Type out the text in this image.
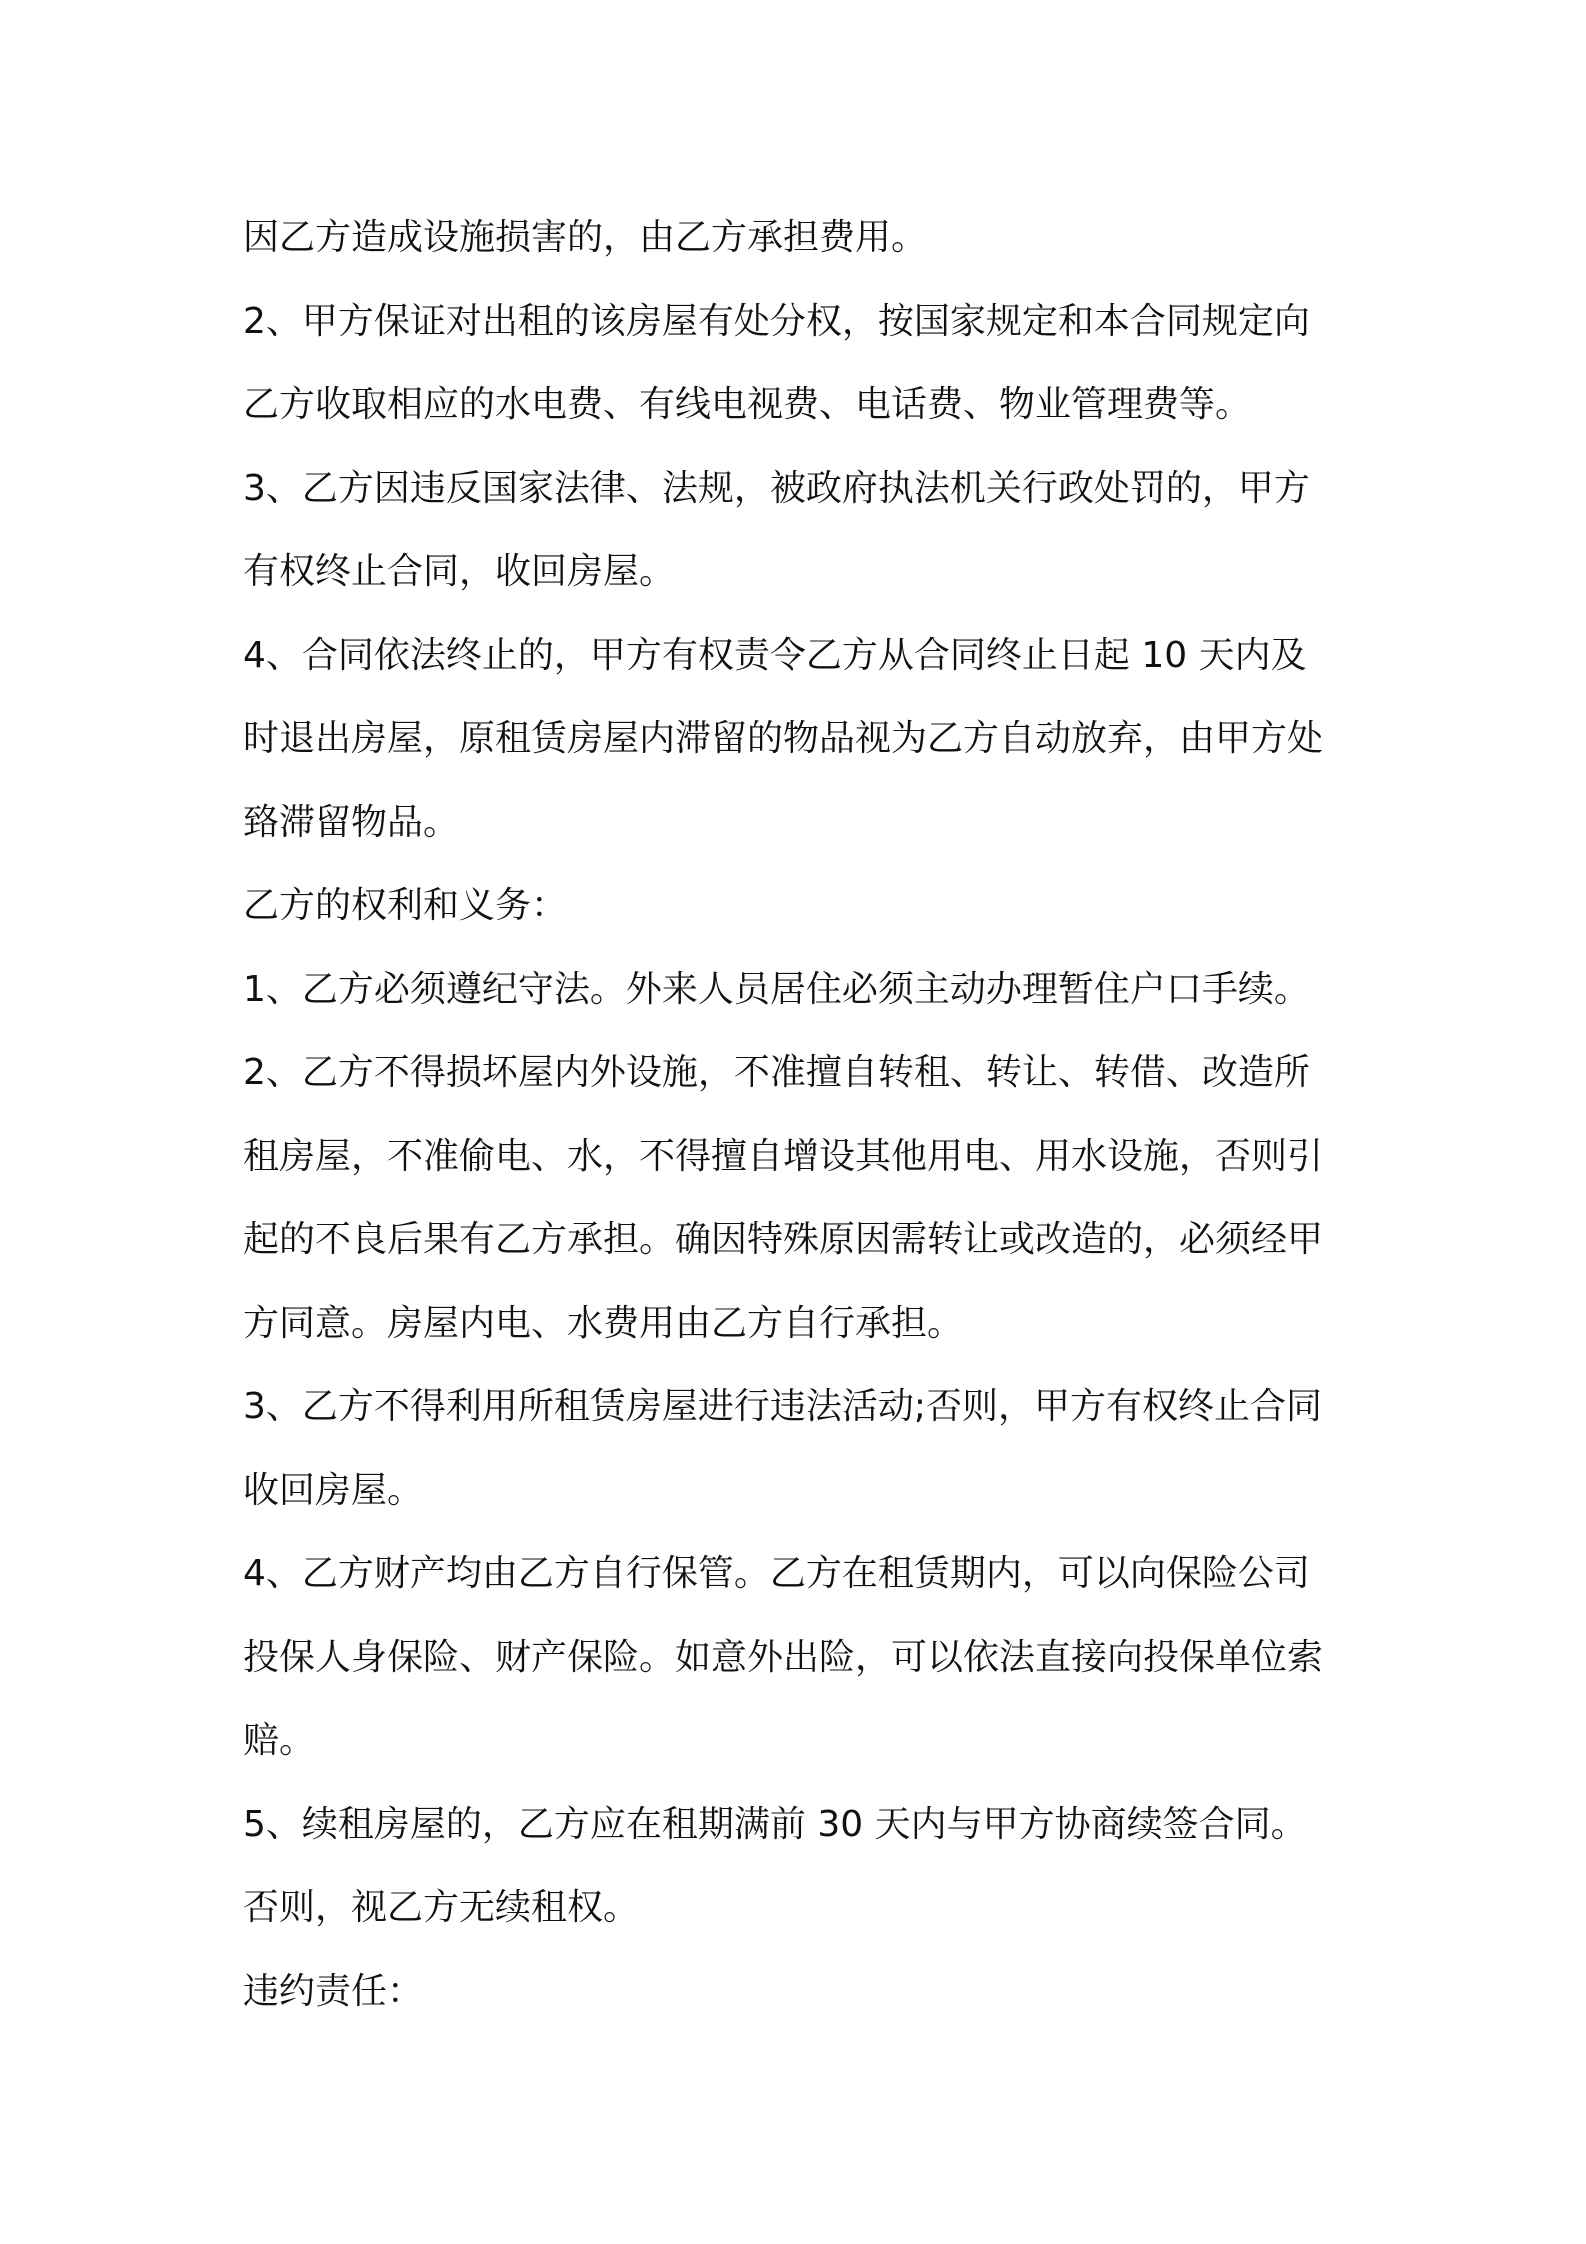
因乙方造成设施损害的，由乙方承担费用。
2、甲方保证对出租的该房屋有处分权，按国家规定和本合同规定向
乙方收取相应的水电费、有线电视费、电话费、物业管理费等。
3、乙方因违反国家法律、法规，被政府执法机关行政处罚的，甲方
有权终止合同，收回房屋。
4、合同依法终止的，甲方有权责令乙方从合同终止日起 10 天内及
时退出房屋，原租赁房屋内滞留的物品视为乙方自动放弃，由甲方处
臵滞留物品。
乙方的权利和义务：
1、乙方必须遵纪守法。外来人员居住必须主动办理暂住户口手续。
2、乙方不得损坏屋内外设施，不准擅自转租、转让、转借、改造所
租房屋，不准偷电、水，不得擅自增设其他用电、用水设施，否则引
起的不良后果有乙方承担。确因特殊原因需转让或改造的，必须经甲
方同意。房屋内电、水费用由乙方自行承担。
3、乙方不得利用所租赁房屋进行违法活动;否则，甲方有权终止合同
收回房屋。
4、乙方财产均由乙方自行保管。乙方在租赁期内，可以向保险公司
投保人身保险、财产保险。如意外出险，可以依法直接向投保单位索
赔。
5、续租房屋的，乙方应在租期满前 30 天内与甲方协商续签合同。
否则，视乙方无续租权。
违约责任：
